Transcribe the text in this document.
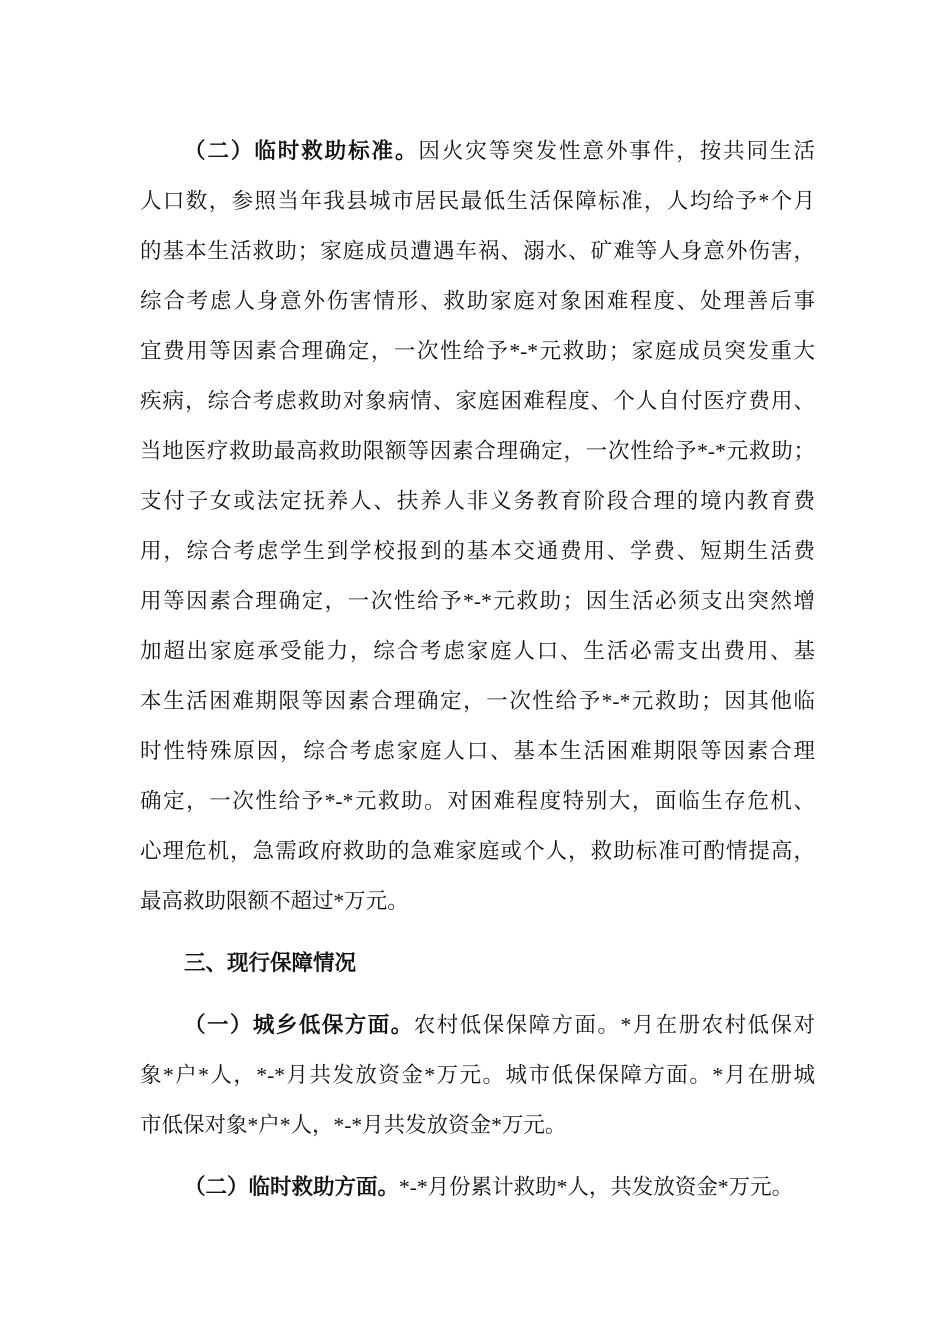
（二）临时救助标准。因火灾等突发性意外事件，按共同生活
人口数，参照当年我县城市居民最低生活保障标准，人均给予*个月
的基本生活救助；家庭成员遭遇车祸、溺水、矿难等人身意外伤害，
综合考虑人身意外伤害情形、救助家庭对象困难程度、处理善后事
宜费用等因素合理确定，一次性给予*-*元救助；家庭成员突发重大
疾病，综合考虑救助对象病情、家庭困难程度、个人自付医疗费用、
当地医疗救助最高救助限额等因素合理确定，一次性给予*-*元救助；
支付子女或法定抚养人、扶养人非义务教育阶段合理的境内教育费
用，综合考虑学生到学校报到的基本交通费用、学费、短期生活费
用等因素合理确定，一次性给予*-*元救助；因生活必须支出突然增
加超出家庭承受能力，综合考虑家庭人口、生活必需支出费用、基
本生活困难期限等因素合理确定，一次性给予*-*元救助；因其他临
时性特殊原因，综合考虑家庭人口、基本生活困难期限等因素合理
确定，一次性给予*-*元救助。对困难程度特别大，面临生存危机、
心理危机，急需政府救助的急难家庭或个人，救助标准可酌情提高，
最高救助限额不超过*万元。
三、现行保障情况
（一）城乡低保方面。农村低保保障方面。*月在册农村低保对
象*户*人，*-*月共发放资金*万元。城市低保保障方面。*月在册城
市低保对象*户*人，*-*月共发放资金*万元。
（二）临时救助方面。*-*月份累计救助*人，共发放资金*万元。
